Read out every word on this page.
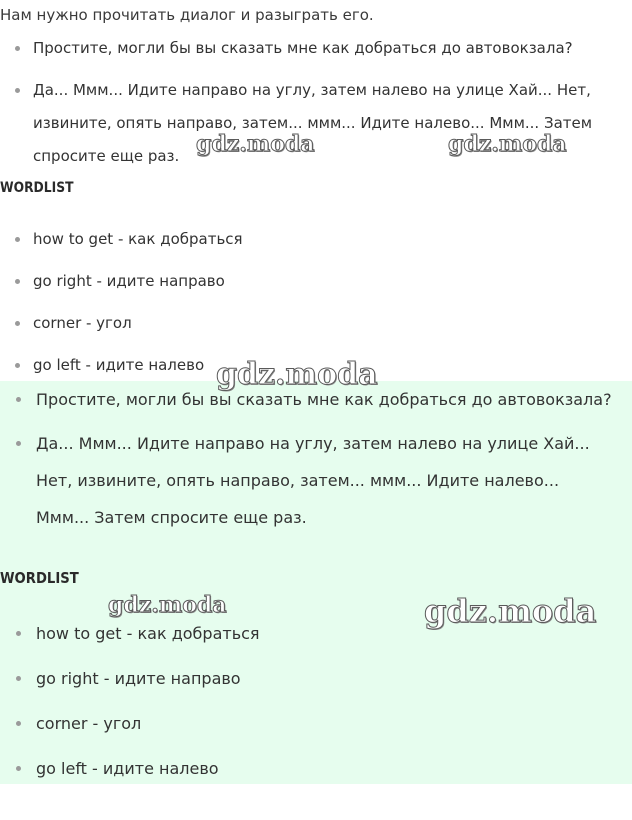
Нам нужно прочитать диалог и разыграть его.
Простите, могли бы вы сказать мне как добраться до автовокзала?
Да... Ммм... Идите направо на углу, затем налево на улице Хай... Нет, извините, опять направо, затем... ммм... Идите налево... Ммм... Затем спросите еще раз.
WORDLIST
how to get - как добраться
go right - идите направо
corner - угол
go left - идите налево
Простите, могли бы вы сказать мне как добраться до автовокзала?
Да... Ммм... Идите направо на углу, затем налево на улице Хай... Нет, извините, опять направо, затем... ммм... Идите налево... Ммм... Затем спросите еще раз.
WORDLIST
how to get - как добраться
go right - идите направо
corner - угол
go left - идите налево
gdz.moda	gdz.moda
gdz.moda
gdz.moda	gdz.moda
